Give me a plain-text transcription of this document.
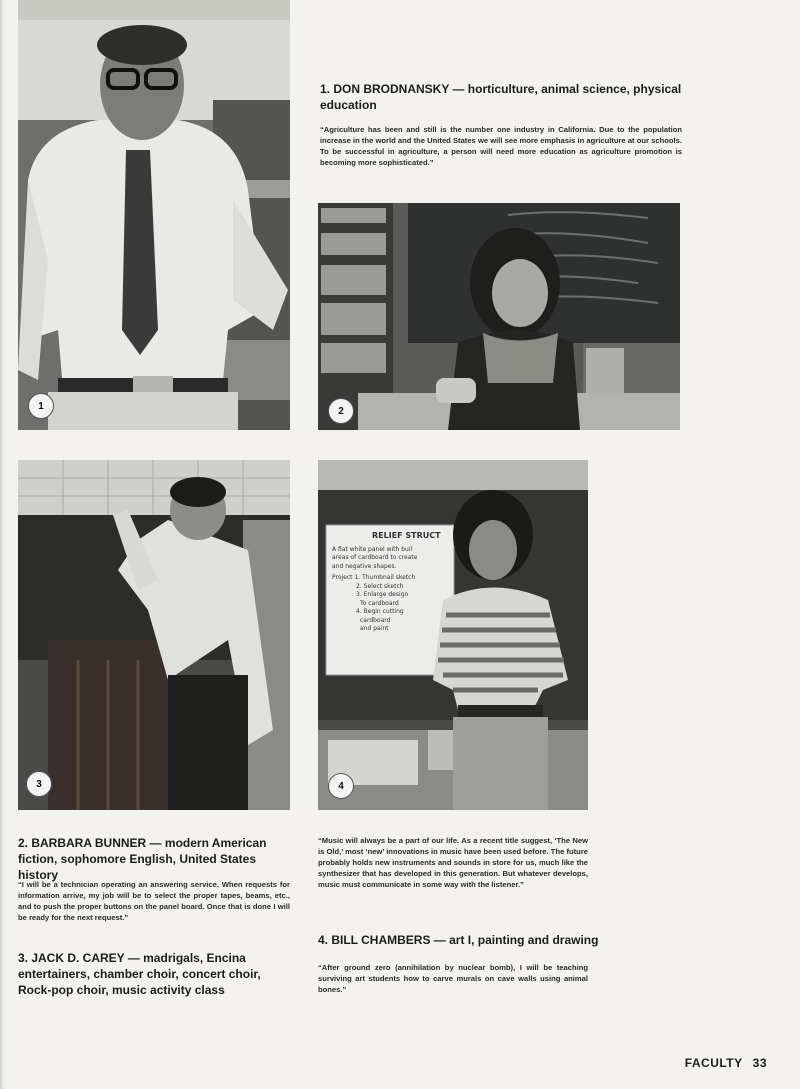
1
1. DON BRODNANSKY — horticulture, animal science, physical education
“Agriculture has been and still is the number one industry in California. Due to the population increase in the world and the United States we will see more emphasis in agriculture at our schools. To be successful in agriculture, a person will need more education as agriculture promotion is becoming more sophisticated.”
2
3
RELIEF STRUCT
A flat white panel with buil
areas of cardboard to create
and negative shapes.
Project 1. Thumbnail sketch
2. Select sketch
3. Enlarge design
To cardboard
4. Begin cutting
cardboard
and paint
4
2. BARBARA BUNNER — modern American fiction, sophomore English, United States history
“I will be a technician operating an answering service. When requests for information arrive, my job will be to select the proper tapes, beams, etc., and to push the proper buttons on the panel board. Once that is done I will be ready for the next request.”
3. JACK D. CAREY — madrigals, Encina entertainers, chamber choir, concert choir, Rock-pop choir, music activity class
“Music will always be a part of our life. As a recent title suggest, ‘The New is Old,’ most ‘new’ innovations in music have been used before. The future probably holds new instruments and sounds in store for us, much like the synthesizer that has developed in this generation. But whatever develops, music must communicate in some way with the listener.”
4. BILL CHAMBERS — art I, painting and drawing
“After ground zero (annihilation by nuclear bomb), I will be teaching surviving art students how to carve murals on cave walls using animal bones.”
FACULTY 33
